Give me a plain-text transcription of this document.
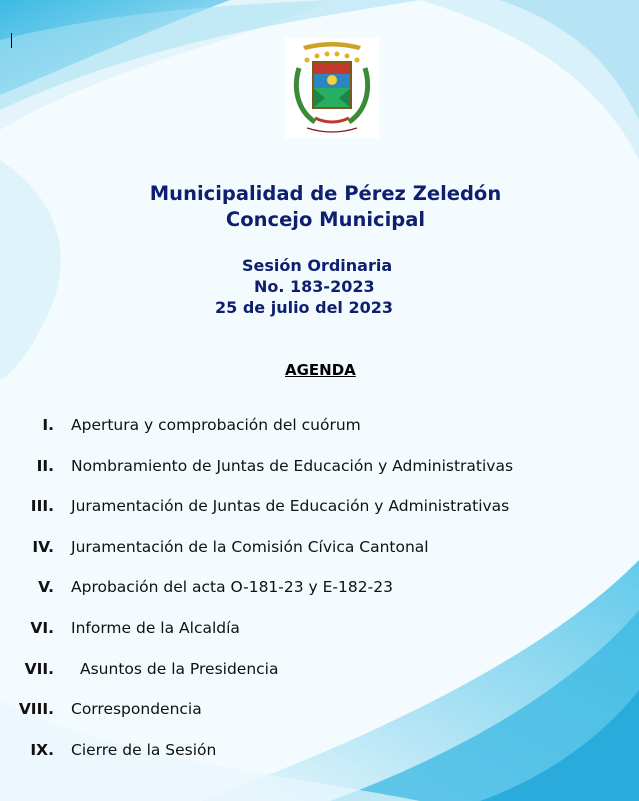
Municipalidad de Pérez Zeledón
Concejo Municipal
Sesión Ordinaria
No. 183-2023
25 de julio del 2023
AGENDA
I. Apertura y comprobación del cuórum
II. Nombramiento de Juntas de Educación y Administrativas
III. Juramentación de Juntas de Educación y Administrativas
IV. Juramentación de la Comisión Cívica Cantonal
V. Aprobación del acta O-181-23 y E-182-23
VI. Informe de la Alcaldía
VII. Asuntos de la Presidencia
VIII. Correspondencia
IX. Cierre de la Sesión
